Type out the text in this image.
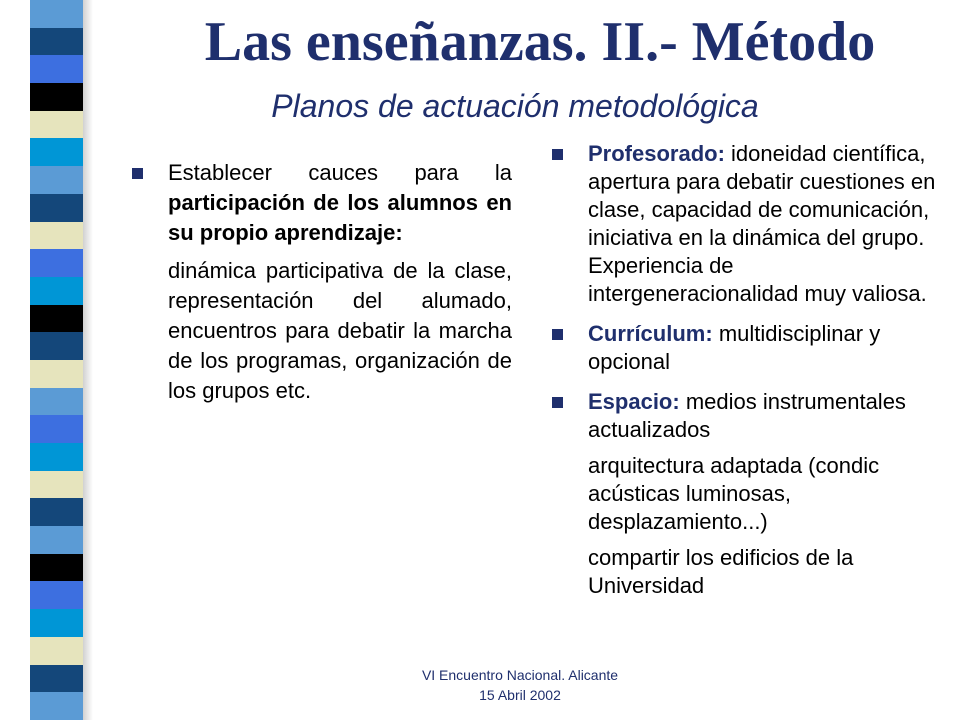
Las enseñanzas. II.- Método
Planos de actuación metodológica
Establecer cauces para la participación de los alumnos en su propio aprendizaje:

dinámica participativa de la clase, representación del alumado, encuentros para debatir la marcha de los programas, organización de los grupos etc.

Profesorado: idoneidad científica, apertura para debatir cuestiones en clase, capacidad de comunicación, iniciativa en la dinámica del grupo. Experiencia de intergeneracionalidad muy valiosa.
Currículum: multidisciplinar y opcional
Espacio: medios instrumentales actualizados

arquitectura adaptada (condic acústicas luminosas, desplazamiento...)

compartir los edificios de la Universidad

VI Encuentro Nacional. Alicante
15 Abril 2002
